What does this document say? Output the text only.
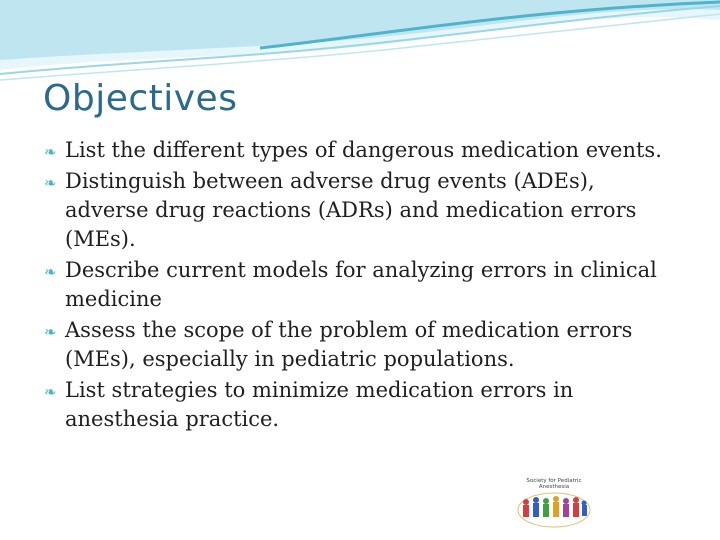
Objectives
❧ List the different types of dangerous medication events.
❧ Distinguish between adverse drug events (ADEs), adverse drug reactions (ADRs) and medication errors (MEs).
❧ Describe current models for analyzing errors in clinical medicine
❧ Assess the scope of the problem of medication errors (MEs), especially in pediatric populations.
❧ List strategies to minimize medication errors in anesthesia practice.
Society for Pediatric Anesthesia
